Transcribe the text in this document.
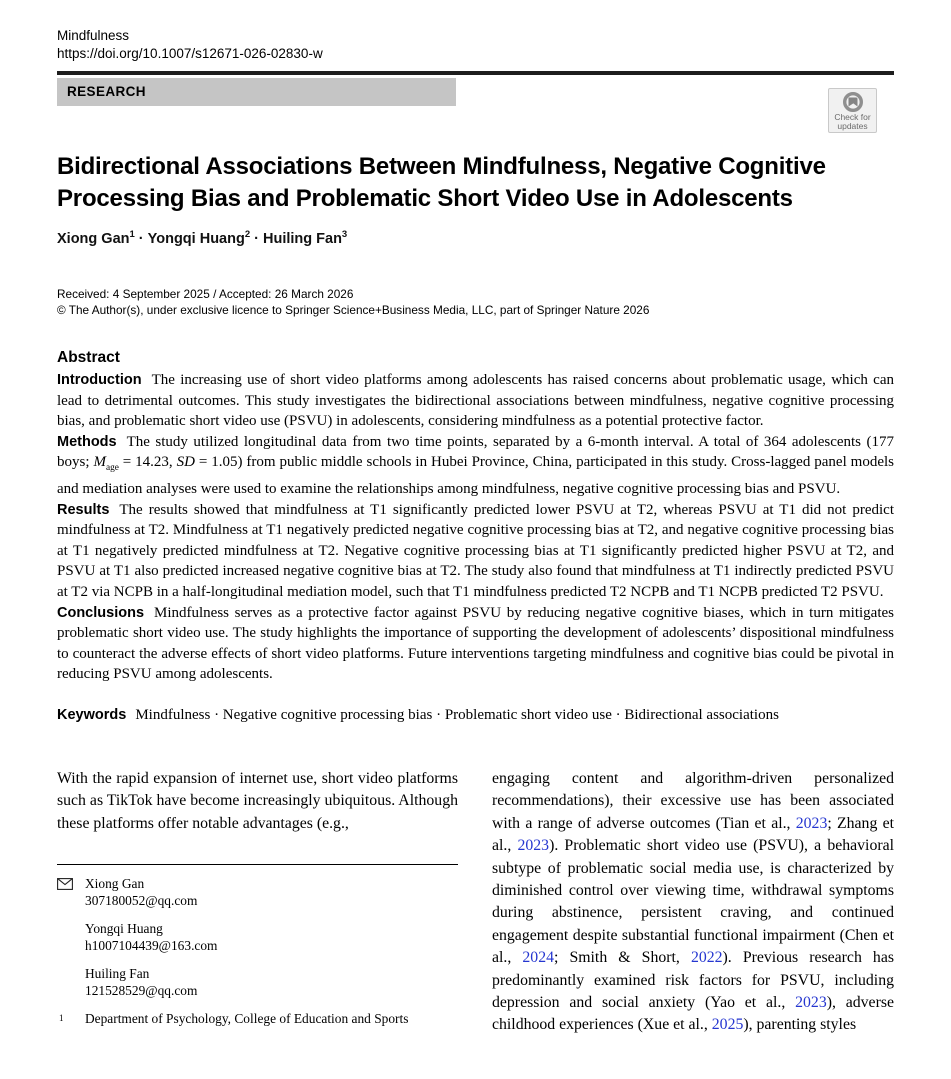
Mindfulness
https://doi.org/10.1007/s12671-026-02830-w
RESEARCH
Check for
updates
Bidirectional Associations Between Mindfulness, Negative Cognitive Processing Bias and Problematic Short Video Use in Adolescents
Xiong Gan$^1$ · Yongqi Huang$^2$ · Huiling Fan$^3$
Received: 4 September 2025 / Accepted: 26 March 2026
© The Author(s), under exclusive licence to Springer Science+Business Media, LLC, part of Springer Nature 2026
Abstract

Introduction The increasing use of short video platforms among adolescents has raised concerns about problematic usage, which can lead to detrimental outcomes. This study investigates the bidirectional associations between mindfulness, negative cognitive processing bias, and problematic short video use (PSVU) in adolescents, considering mindfulness as a potential protective factor.

Methods The study utilized longitudinal data from two time points, separated by a 6-month interval. A total of 364 adolescents (177 boys; $M_{age} = 14.23$, SD = 1.05) from public middle schools in Hubei Province, China, participated in this study. Cross-lagged panel models and mediation analyses were used to examine the relationships among mindfulness, negative cognitive processing bias and PSVU.

Results The results showed that mindfulness at T1 significantly predicted lower PSVU at T2, whereas PSVU at T1 did not predict mindfulness at T2. Mindfulness at T1 negatively predicted negative cognitive processing bias at T2, and negative cognitive processing bias at T1 negatively predicted mindfulness at T2. Negative cognitive processing bias at T1 significantly predicted higher PSVU at T2, and PSVU at T1 also predicted increased negative cognitive bias at T2. The study also found that mindfulness at T1 indirectly predicted PSVU at T2 via NCPB in a half-longitudinal mediation model, such that T1 mindfulness predicted T2 NCPB and T1 NCPB predicted T2 PSVU.

Conclusions Mindfulness serves as a protective factor against PSVU by reducing negative cognitive biases, which in turn mitigates problematic short video use. The study highlights the importance of supporting the development of adolescents’ dispositional mindfulness to counteract the adverse effects of short video platforms. Future interventions targeting mindfulness and cognitive bias could be pivotal in reducing PSVU among adolescents.

Keywords Mindfulness · Negative cognitive processing bias · Problematic short video use · Bidirectional associations

With the rapid expansion of internet use, short video platforms such as TikTok have become increasingly ubiquitous. Although these platforms offer notable advantages (e.g.,

Xiong Gan
307180052@qq.com
Yongqi Huang
h1007104439@163.com
Huiling Fan
121528529@qq.com
1	Department of Psychology, College of Education and Sports

engaging content and algorithm-driven personalized recommendations), their excessive use has been associated with a range of adverse outcomes (Tian et al., 2023; Zhang et al., 2023). Problematic short video use (PSVU), a behavioral subtype of problematic social media use, is characterized by diminished control over viewing time, withdrawal symptoms during abstinence, persistent craving, and continued engagement despite substantial functional impairment (Chen et al., 2024; Smith & Short, 2022). Previous research has predominantly examined risk factors for PSVU, including depression and social anxiety (Yao et al., 2023), adverse childhood experiences (Xue et al., 2025), parenting styles
